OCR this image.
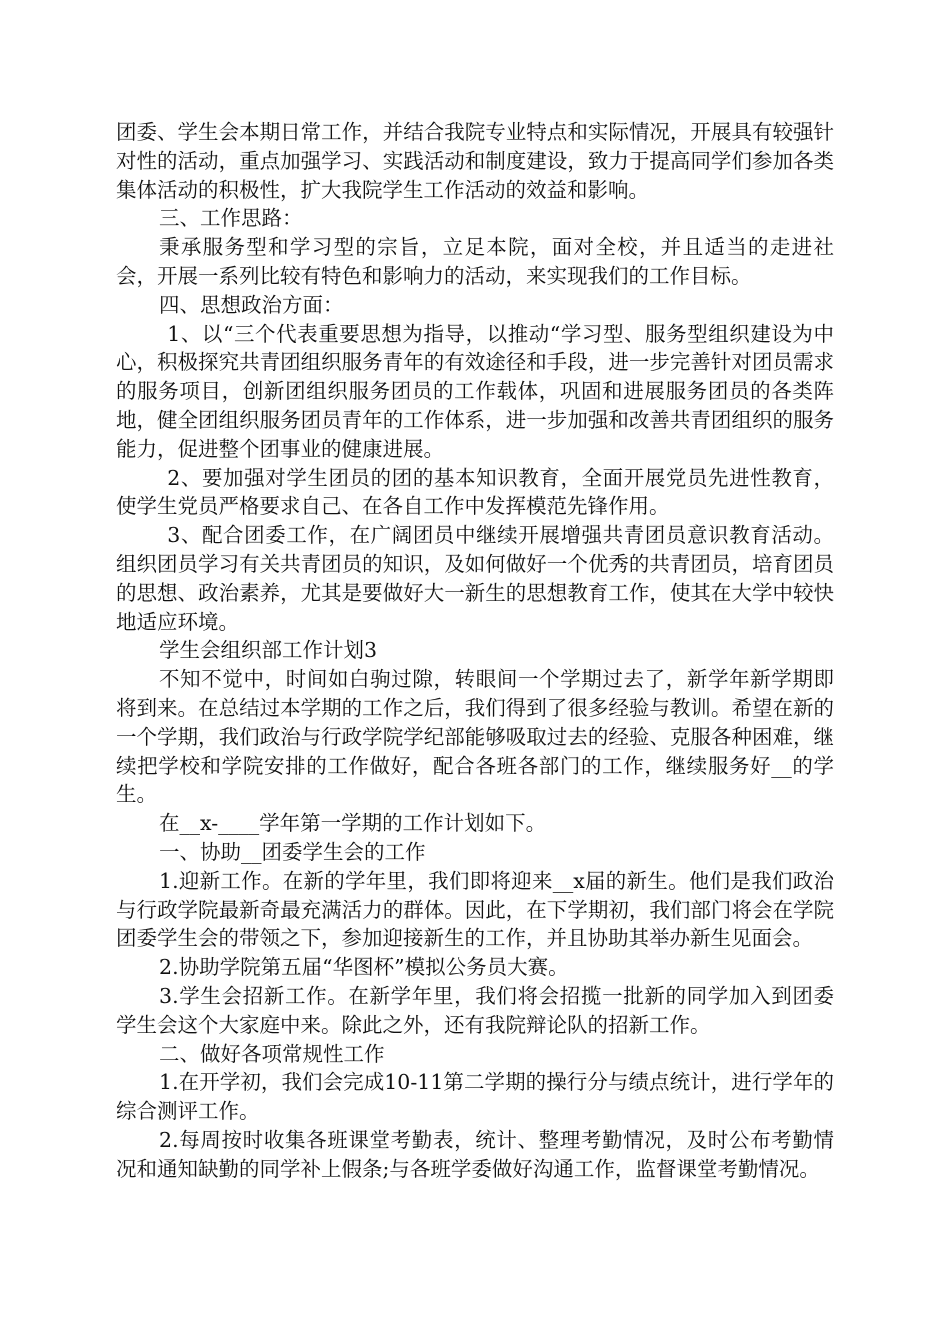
团委、学生会本期日常工作，并结合我院专业特点和实际情况，开展具有较强针对性的活动，重点加强学习、实践活动和制度建设，致力于提高同学们参加各类集体活动的积极性，扩大我院学生工作活动的效益和影响。

三、工作思路：

秉承服务型和学习型的宗旨，立足本院，面对全校，并且适当的走进社会，开展一系列比较有特色和影响力的活动，来实现我们的工作目标。

四、思想政治方面：

1、以“三个代表重要思想为指导，以推动“学习型、服务型组织建设为中心，积极探究共青团组织服务青年的有效途径和手段，进一步完善针对团员需求的服务项目，创新团组织服务团员的工作载体，巩固和进展服务团员的各类阵地，健全团组织服务团员青年的工作体系，进一步加强和改善共青团组织的服务能力，促进整个团事业的健康进展。

2、要加强对学生团员的团的基本知识教育，全面开展党员先进性教育，使学生党员严格要求自己、在各自工作中发挥模范先锋作用。

3、配合团委工作，在广阔团员中继续开展增强共青团员意识教育活动。组织团员学习有关共青团员的知识，及如何做好一个优秀的共青团员，培育团员的思想、政治素养，尤其是要做好大一新生的思想教育工作，使其在大学中较快地适应环境。

学生会组织部工作计划3

不知不觉中，时间如白驹过隙，转眼间一个学期过去了，新学年新学期即将到来。在总结过本学期的工作之后，我们得到了很多经验与教训。希望在新的一个学期，我们政治与行政学院学纪部能够吸取过去的经验、克服各种困难，继续把学校和学院安排的工作做好，配合各班各部门的工作，继续服务好__的学生。

在__x-____学年第一学期的工作计划如下。

一、协助__团委学生会的工作

1.迎新工作。在新的学年里，我们即将迎来__x届的新生。他们是我们政治与行政学院最新奇最充满活力的群体。因此，在下学期初，我们部门将会在学院团委学生会的带领之下，参加迎接新生的工作，并且协助其举办新生见面会。

2.协助学院第五届“华图杯”模拟公务员大赛。

3.学生会招新工作。在新学年里，我们将会招揽一批新的同学加入到团委学生会这个大家庭中来。除此之外，还有我院辩论队的招新工作。

二、做好各项常规性工作

1.在开学初，我们会完成10-11第二学期的操行分与绩点统计，进行学年的综合测评工作。

2.每周按时收集各班课堂考勤表，统计、整理考勤情况，及时公布考勤情况和通知缺勤的同学补上假条;与各班学委做好沟通工作，监督课堂考勤情况。
